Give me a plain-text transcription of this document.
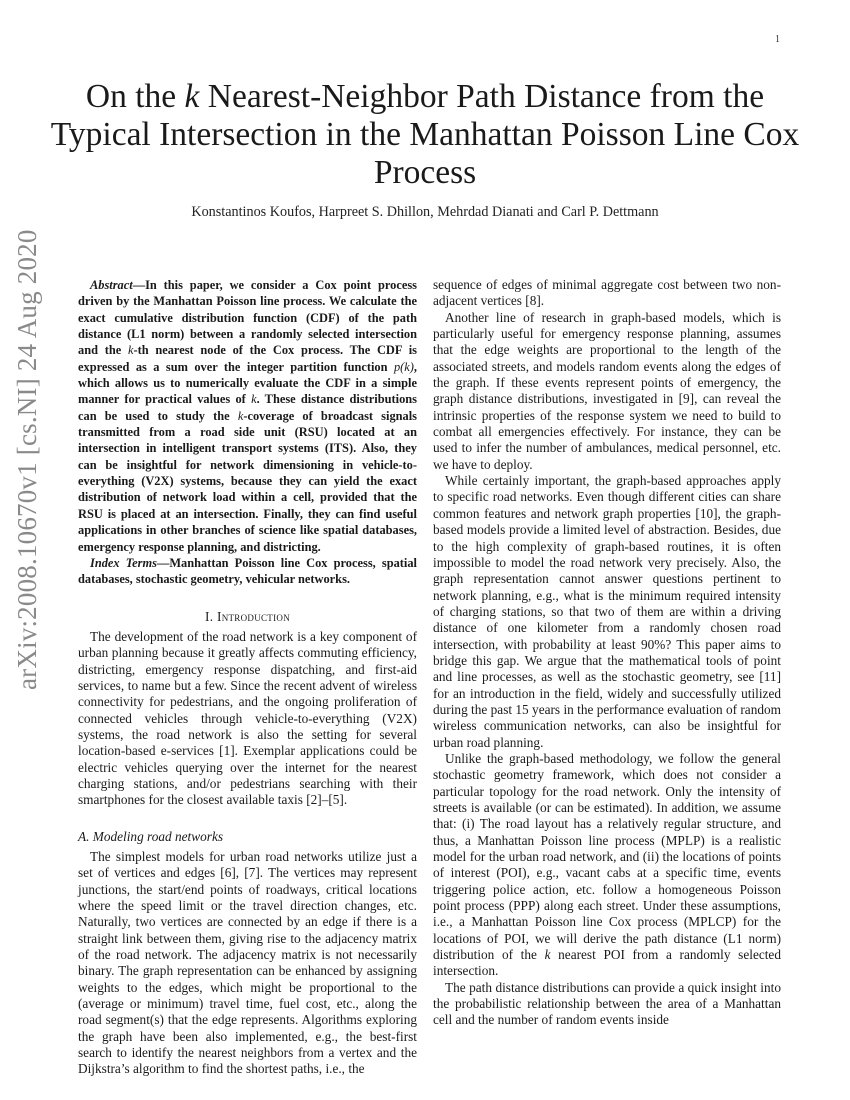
1
arXiv:2008.10670v1 [cs.NI] 24 Aug 2020
On the k Nearest-Neighbor Path Distance from the Typical Intersection in the Manhattan Poisson Line Cox Process
Konstantinos Koufos, Harpreet S. Dhillon, Mehrdad Dianati and Carl P. Dettmann

Abstract—In this paper, we consider a Cox point process driven by the Manhattan Poisson line process. We calculate the exact cumulative distribution function (CDF) of the path distance (L1 norm) between a randomly selected intersection and the k-th nearest node of the Cox process. The CDF is expressed as a sum over the integer partition function p(k), which allows us to numerically evaluate the CDF in a simple manner for practical values of k. These distance distributions can be used to study the k-coverage of broadcast signals transmitted from a road side unit (RSU) located at an intersection in intelligent transport systems (ITS). Also, they can be insightful for network dimensioning in vehicle-to-everything (V2X) systems, because they can yield the exact distribution of network load within a cell, provided that the RSU is placed at an intersection. Finally, they can find useful applications in other branches of science like spatial databases, emergency response planning, and districting.

Index Terms—Manhattan Poisson line Cox process, spatial databases, stochastic geometry, vehicular networks.

I. Introduction

The development of the road network is a key component of urban planning because it greatly affects commuting efficiency, districting, emergency response dispatching, and first-aid services, to name but a few. Since the recent advent of wireless connectivity for pedestrians, and the ongoing proliferation of connected vehicles through vehicle-to-everything (V2X) systems, the road network is also the setting for several location-based e-services [1]. Exemplar applications could be electric vehicles querying over the internet for the nearest charging stations, and/or pedestrians searching with their smartphones for the closest available taxis [2]–[5].

A. Modeling road networks

The simplest models for urban road networks utilize just a set of vertices and edges [6], [7]. The vertices may represent junctions, the start/end points of roadways, critical locations where the speed limit or the travel direction changes, etc. Naturally, two vertices are connected by an edge if there is a straight link between them, giving rise to the adjacency matrix of the road network. The adjacency matrix is not necessarily binary. The graph representation can be enhanced by assigning weights to the edges, which might be proportional to the (average or minimum) travel time, fuel cost, etc., along the road segment(s) that the edge represents. Algorithms exploring the graph have been also implemented, e.g., the best-first search to identify the nearest neighbors from a vertex and the Dijkstra’s algorithm to find the shortest paths, i.e., the

sequence of edges of minimal aggregate cost between two non-adjacent vertices [8].

Another line of research in graph-based models, which is particularly useful for emergency response planning, assumes that the edge weights are proportional to the length of the associated streets, and models random events along the edges of the graph. If these events represent points of emergency, the graph distance distributions, investigated in [9], can reveal the intrinsic properties of the response system we need to build to combat all emergencies effectively. For instance, they can be used to infer the number of ambulances, medical personnel, etc. we have to deploy.

While certainly important, the graph-based approaches apply to specific road networks. Even though different cities can share common features and network graph properties [10], the graph-based models provide a limited level of abstraction. Besides, due to the high complexity of graph-based routines, it is often impossible to model the road network very precisely. Also, the graph representation cannot answer questions pertinent to network planning, e.g., what is the minimum required intensity of charging stations, so that two of them are within a driving distance of one kilometer from a randomly chosen road intersection, with probability at least 90%? This paper aims to bridge this gap. We argue that the mathematical tools of point and line processes, as well as the stochastic geometry, see [11] for an introduction in the field, widely and successfully utilized during the past 15 years in the performance evaluation of random wireless communication networks, can also be insightful for urban road planning.

Unlike the graph-based methodology, we follow the general stochastic geometry framework, which does not consider a particular topology for the road network. Only the intensity of streets is available (or can be estimated). In addition, we assume that: (i) The road layout has a relatively regular structure, and thus, a Manhattan Poisson line process (MPLP) is a realistic model for the urban road network, and (ii) the locations of points of interest (POI), e.g., vacant cabs at a specific time, events triggering police action, etc. follow a homogeneous Poisson point process (PPP) along each street. Under these assumptions, i.e., a Manhattan Poisson line Cox process (MPLCP) for the locations of POI, we will derive the path distance (L1 norm) distribution of the k nearest POI from a randomly selected intersection.

The path distance distributions can provide a quick insight into the probabilistic relationship between the area of a Manhattan cell and the number of random events inside
